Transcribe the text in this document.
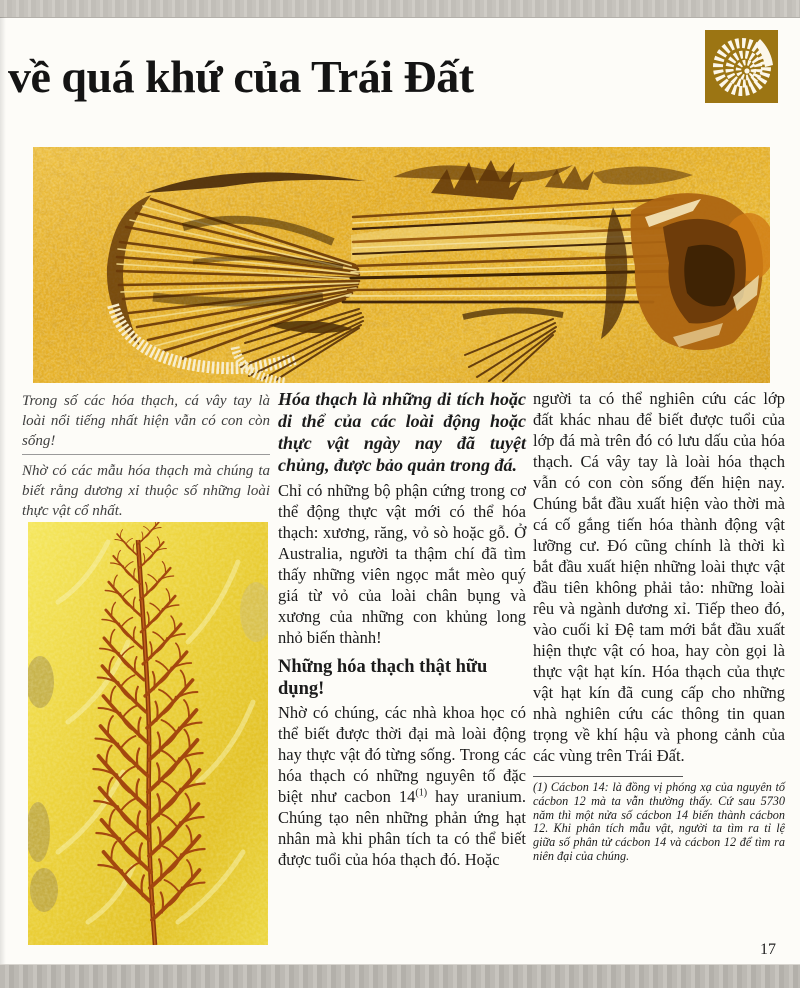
về quá khứ của Trái Đất

Trong số các hóa thạch, cá vây tay là loài nổi tiếng nhất hiện vẫn có con còn sống!

Nhờ có các mẫu hóa thạch mà chúng ta biết rằng dương xỉ thuộc số những loài thực vật cổ nhất.

Hóa thạch là những di tích hoặc di thể của các loài động hoặc thực vật ngày nay đã tuyệt chủng, được bảo quản trong đá.

Chỉ có những bộ phận cứng trong cơ thể động thực vật mới có thể hóa thạch: xương, răng, vỏ sò hoặc gỗ. Ở Australia, người ta thậm chí đã tìm thấy những viên ngọc mắt mèo quý giá từ vỏ của loài chân bụng và xương của những con khủng long nhỏ biến thành!

Những hóa thạch thật hữu dụng!

Nhờ có chúng, các nhà khoa học có thể biết được thời đại mà loài động hay thực vật đó từng sống. Trong các hóa thạch có những nguyên tố đặc biệt như cacbon 14$^{(1)}$ hay uranium. Chúng tạo nên những phản ứng hạt nhân mà khi phân tích ta có thể biết được tuổi của hóa thạch đó. Hoặc

người ta có thể nghiên cứu các lớp đất khác nhau để biết được tuổi của lớp đá mà trên đó có lưu dấu của hóa thạch. Cá vây tay là loài hóa thạch vẫn có con còn sống đến hiện nay. Chúng bắt đầu xuất hiện vào thời mà cá cố gắng tiến hóa thành động vật lưỡng cư. Đó cũng chính là thời kì bắt đầu xuất hiện những loài thực vật đầu tiên không phải tảo: những loài rêu và ngành dương xỉ. Tiếp theo đó, vào cuối kỉ Đệ tam mới bắt đầu xuất hiện thực vật có hoa, hay còn gọi là thực vật hạt kín. Hóa thạch của thực vật hạt kín đã cung cấp cho những nhà nghiên cứu các thông tin quan trọng về khí hậu và phong cảnh của các vùng trên Trái Đất.

(1) Cácbon 14: là đồng vị phóng xạ của nguyên tố cácbon 12 mà ta vẫn thường thấy. Cứ sau 5730 năm thì một nửa số cácbon 14 biến thành cácbon 12. Khi phân tích mẫu vật, người ta tìm ra tỉ lệ giữa số phân tử cácbon 14 và cácbon 12 để tìm ra niên đại của chúng.

17
